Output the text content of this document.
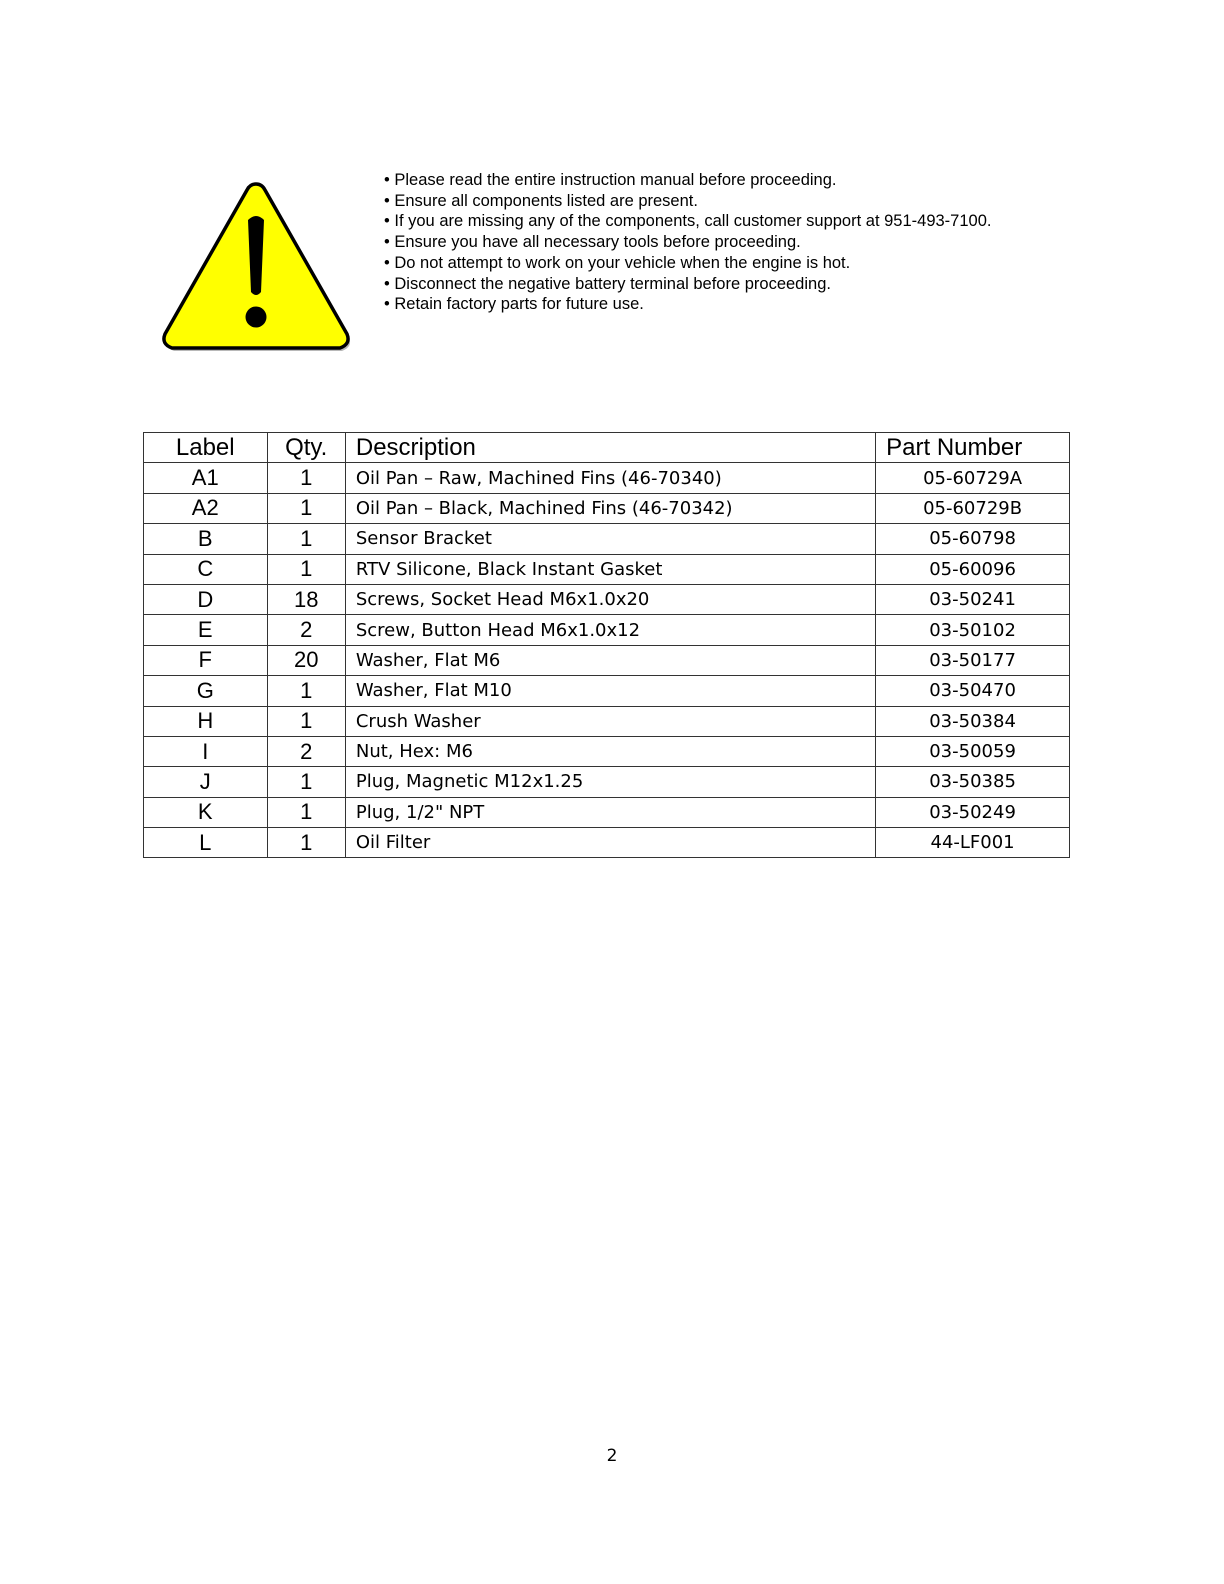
• Please read the entire instruction manual before proceeding.
• Ensure all components listed are present.
• If you are missing any of the components, call customer support at 951-493-7100.
• Ensure you have all necessary tools before proceeding.
• Do not attempt to work on your vehicle when the engine is hot.
• Disconnect the negative battery terminal before proceeding.
• Retain factory parts for future use.
Label	Qty.	Description	Part Number
A1	1	Oil Pan – Raw, Machined Fins (46-70340)	05-60729A
A2	1	Oil Pan – Black, Machined Fins (46-70342)	05-60729B
B	1	Sensor Bracket	05-60798
C	1	RTV Silicone, Black Instant Gasket	05-60096
D	18	Screws, Socket Head M6x1.0x20	03-50241
E	2	Screw, Button Head M6x1.0x12	03-50102
F	20	Washer, Flat M6	03-50177
G	1	Washer, Flat M10	03-50470
H	1	Crush Washer	03-50384
I	2	Nut, Hex: M6	03-50059
J	1	Plug, Magnetic M12x1.25	03-50385
K	1	Plug, 1/2" NPT	03-50249
L	1	Oil Filter	44-LF001
2
